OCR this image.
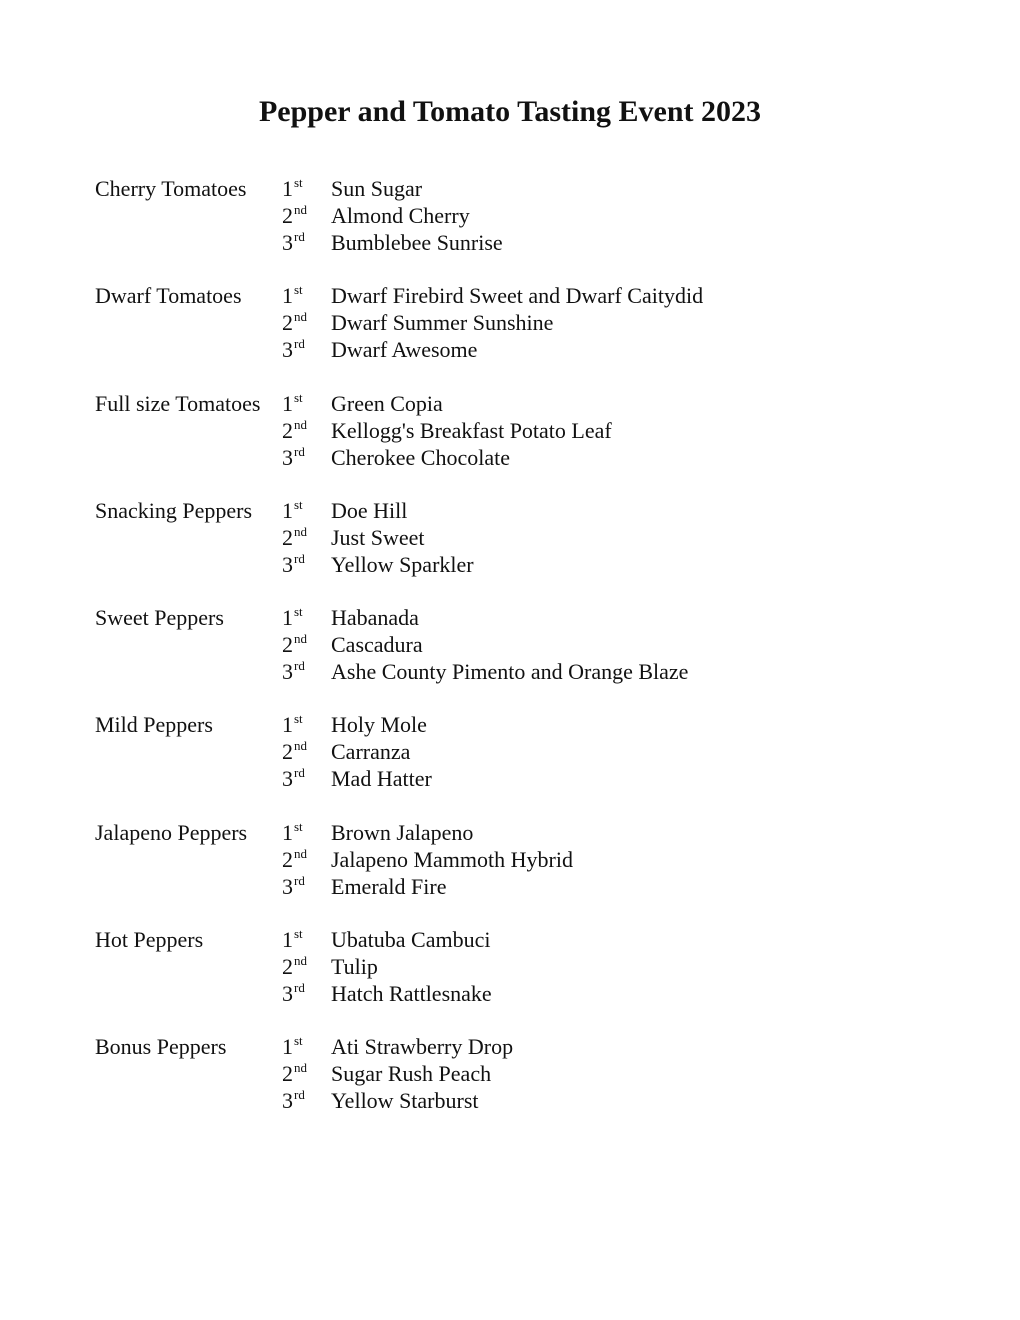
Pepper and Tomato Tasting Event 2023
Cherry Tomatoes 1st Sun Sugar
2nd Almond Cherry
3rd Bumblebee Sunrise
Dwarf Tomatoes 1st Dwarf Firebird Sweet and Dwarf Caitydid
2nd Dwarf Summer Sunshine
3rd Dwarf Awesome
Full size Tomatoes 1st Green Copia
2nd Kellogg's Breakfast Potato Leaf
3rd Cherokee Chocolate
Snacking Peppers 1st Doe Hill
2nd Just Sweet
3rd Yellow Sparkler
Sweet Peppers	1st Habanada
2nd Cascadura
3rd Ashe County Pimento and Orange Blaze
Mild Peppers	1st Holy Mole
2nd Carranza
3rd Mad Hatter
Jalapeno Peppers 1st Brown Jalapeno
2nd Jalapeno Mammoth Hybrid
3rd Emerald Fire
Hot Peppers	1st Ubatuba Cambuci
2nd Tulip
3rd Hatch Rattlesnake
Bonus Peppers	1st Ati Strawberry Drop
2nd Sugar Rush Peach
3rd Yellow Starburst
